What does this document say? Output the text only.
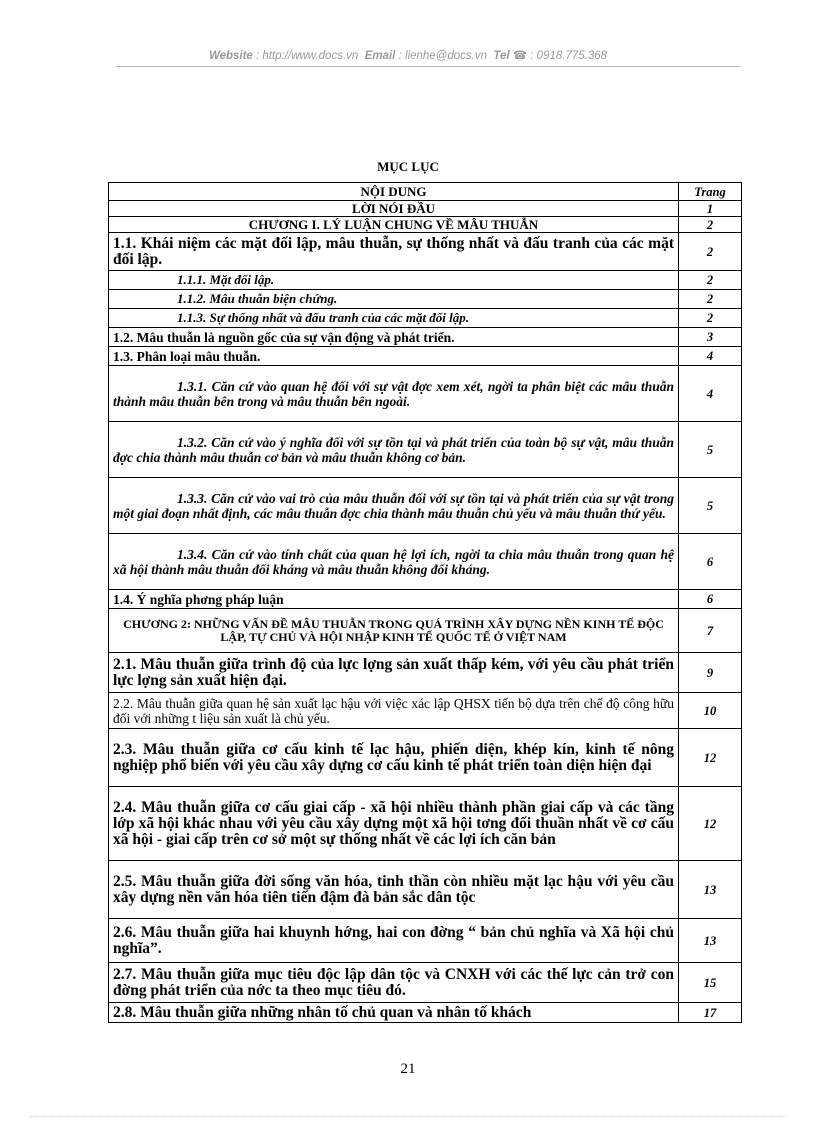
Website : http://www.docs.vn Email : lienhe@docs.vn Tel ☎ : 0918.775.368
MỤC LỤC
NỘI DUNG	Trang
LỜI NÓI ĐẦU	1
CHƯƠNG I. LÝ LUẬN CHUNG VỀ MÂU THUẪN	2
1.1. Khái niệm các mặt đối lập, mâu thuẫn, sự thống nhất và đấu tranh của các mặt đối lập.	2
1.1.1. Mặt đối lập.	2
1.1.2. Mâu thuẫn biện chứng.	2
1.1.3. Sự thống nhất và đấu tranh của các mặt đối lập.	2
1.2. Mâu thuẫn là nguồn gốc của sự vận động và phát triển.	3
1.3. Phân loại mâu thuẫn.	4
1.3.1. Căn cứ vào quan hệ đối với sự vật đợc xem xét, ngời ta phân biệt các mâu thuẫn thành mâu thuẫn bên trong và mâu thuẫn bên ngoài.	4
1.3.2. Căn cứ vào ý nghĩa đối với sự tồn tại và phát triển của toàn bộ sự vật, mâu thuẫn đợc chia thành mâu thuẫn cơ bản và mâu thuẫn không cơ bản.	5
1.3.3. Căn cứ vào vai trò của mâu thuẫn đối với sự tồn tại và phát triển của sự vật trong một giai đoạn nhất định, các mâu thuẫn đợc chia thành mâu thuẫn chủ yếu và mâu thuẫn thứ yếu.	5
1.3.4. Căn cứ vào tính chất của quan hệ lợi ích, ngời ta chia mâu thuẫn trong quan hệ xã hội thành mâu thuẫn đối kháng và mâu thuẫn không đối kháng.	6
1.4. Ý nghĩa phơng pháp luận	6
CHƯƠNG 2: NHỮNG VẤN ĐỀ MÂU THUẪN TRONG QUÁ TRÌNH XÂY DỰNG NỀN KINH TẾ ĐỘC LẬP, TỰ CHỦ VÀ HỘI NHẬP KINH TẾ QUỐC TẾ Ở VIỆT NAM	7
2.1. Mâu thuẫn giữa trình độ của lực lợng sản xuất thấp kém, với yêu cầu phát triển lực lợng sản xuất hiện đại.	9
2.2. Mâu thuẫn giữa quan hệ sản xuất lạc hậu với việc xác lập QHSX tiến bộ dựa trên chế độ công hữu đối với những t liệu sản xuất là chủ yếu.	10
2.3. Mâu thuẫn giữa cơ cấu kinh tế lạc hậu, phiến diện, khép kín, kinh tế nông nghiệp phổ biến với yêu cầu xây dựng cơ cấu kinh tế phát triển toàn diện hiện đại	12
2.4. Mâu thuẫn giữa cơ cấu giai cấp - xã hội nhiều thành phần giai cấp và các tầng lớp xã hội khác nhau với yêu cầu xây dựng một xã hội tơng đối thuần nhất về cơ cấu xã hội - giai cấp trên cơ sở một sự thống nhất về các lợi ích căn bản	12
2.5. Mâu thuẫn giữa đời sống văn hóa, tinh thần còn nhiều mặt lạc hậu với yêu cầu xây dựng nền văn hóa tiên tiến đậm đà bản sắc dân tộc	13
2.6. Mâu thuẫn giữa hai khuynh hớng, hai con đờng “ bản chủ nghĩa và Xã hội chủ nghĩa”.	13
2.7. Mâu thuẫn giữa mục tiêu độc lập dân tộc và CNXH với các thế lực cản trở con đờng phát triển của nớc ta theo mục tiêu đó.	15
2.8. Mâu thuẫn giữa những nhân tố chủ quan và nhân tố khách	17
21
